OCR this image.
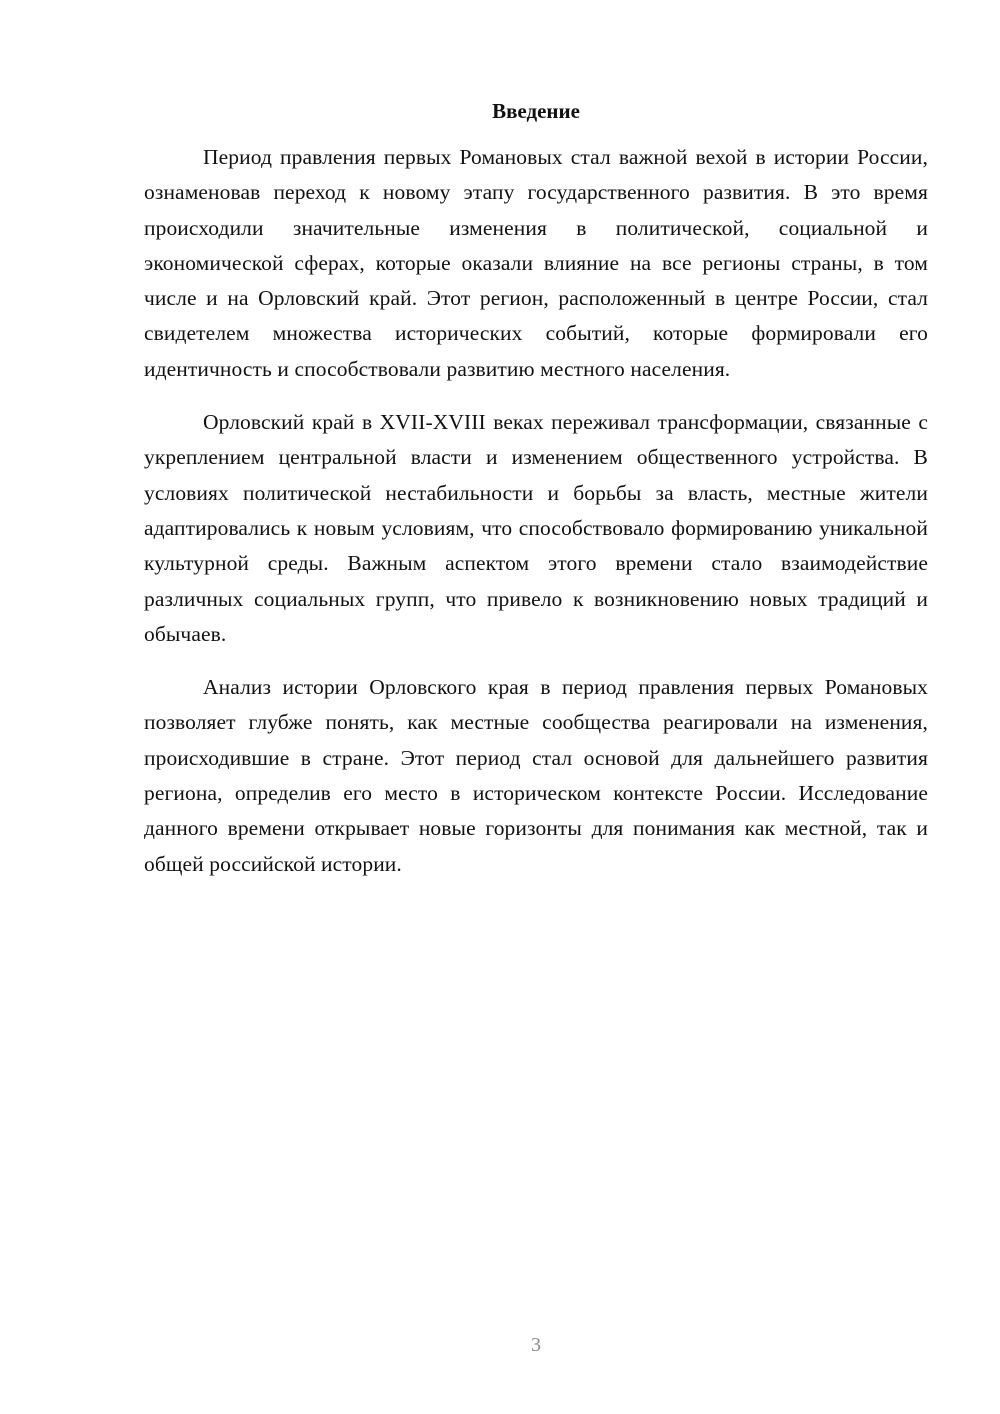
Введение

Период правления первых Романовых стал важной вехой в истории России, ознаменовав переход к новому этапу государственного развития. В это время происходили значительные изменения в политической, социальной и экономической сферах, которые оказали влияние на все регионы страны, в том числе и на Орловский край. Этот регион, расположенный в центре России, стал свидетелем множества исторических событий, которые формировали его идентичность и способствовали развитию местного населения.

Орловский край в XVII-XVIII веках переживал трансформации, связанные с укреплением центральной власти и изменением общественного устройства. В условиях политической нестабильности и борьбы за власть, местные жители адаптировались к новым условиям, что способствовало формированию уникальной культурной среды. Важным аспектом этого времени стало взаимодействие различных социальных групп, что привело к возникновению новых традиций и обычаев.

Анализ истории Орловского края в период правления первых Романовых позволяет глубже понять, как местные сообщества реагировали на изменения, происходившие в стране. Этот период стал основой для дальнейшего развития региона, определив его место в историческом контексте России. Исследование данного времени открывает новые горизонты для понимания как местной, так и общей российской истории.

3
